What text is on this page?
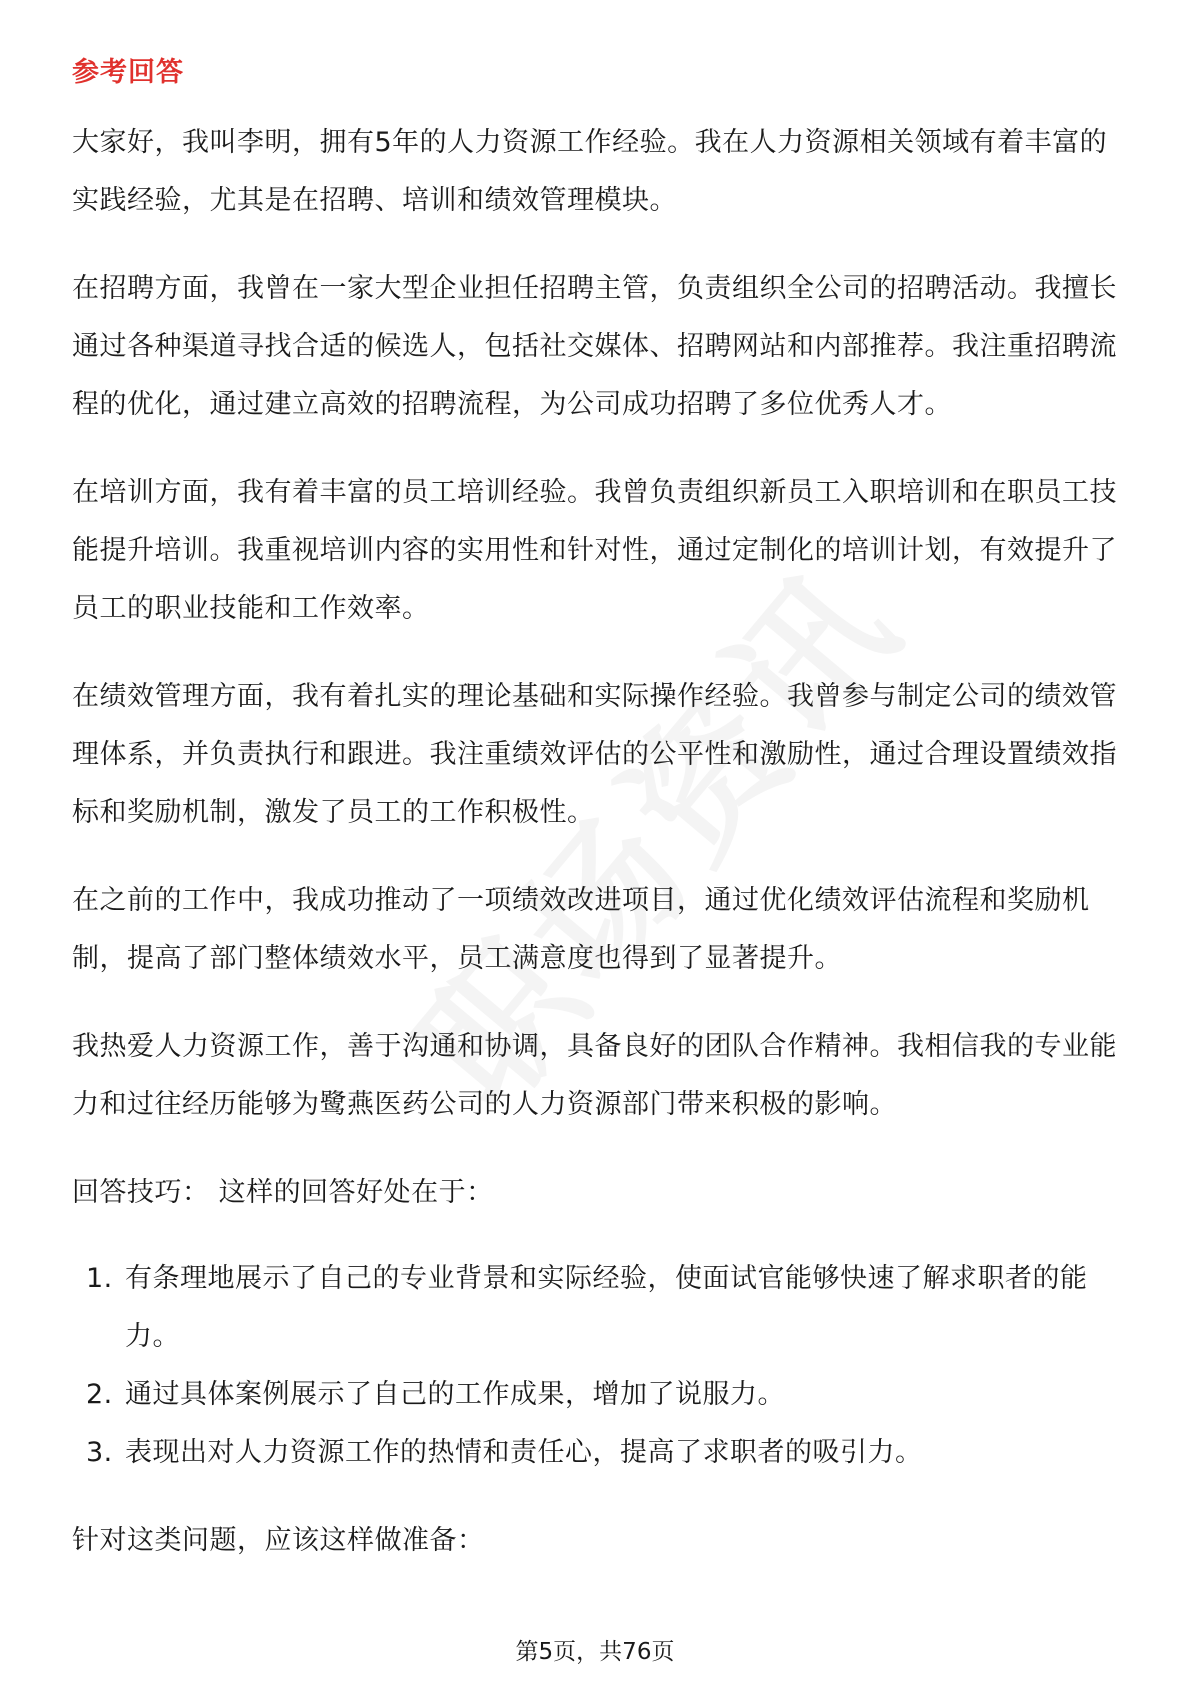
参考回答

大家好，我叫李明，拥有5年的人力资源工作经验。我在人力资源相关领域有着丰富的实践经验，尤其是在招聘、培训和绩效管理模块。

在招聘方面，我曾在一家大型企业担任招聘主管，负责组织全公司的招聘活动。我擅长通过各种渠道寻找合适的候选人，包括社交媒体、招聘网站和内部推荐。我注重招聘流程的优化，通过建立高效的招聘流程，为公司成功招聘了多位优秀人才。

在培训方面，我有着丰富的员工培训经验。我曾负责组织新员工入职培训和在职员工技能提升培训。我重视培训内容的实用性和针对性，通过定制化的培训计划，有效提升了员工的职业技能和工作效率。

在绩效管理方面，我有着扎实的理论基础和实际操作经验。我曾参与制定公司的绩效管理体系，并负责执行和跟进。我注重绩效评估的公平性和激励性，通过合理设置绩效指标和奖励机制，激发了员工的工作积极性。

在之前的工作中，我成功推动了一项绩效改进项目，通过优化绩效评估流程和奖励机制，提高了部门整体绩效水平，员工满意度也得到了显著提升。

我热爱人力资源工作，善于沟通和协调，具备良好的团队合作精神。我相信我的专业能力和过往经历能够为鹭燕医药公司的人力资源部门带来积极的影响。

回答技巧： 这样的回答好处在于：

1. 有条理地展示了自己的专业背景和实际经验，使面试官能够快速了解求职者的能力。
2. 通过具体案例展示了自己的工作成果，增加了说服力。
3. 表现出对人力资源工作的热情和责任心，提高了求职者的吸引力。

针对这类问题，应该这样做准备：

第5页，共76页
